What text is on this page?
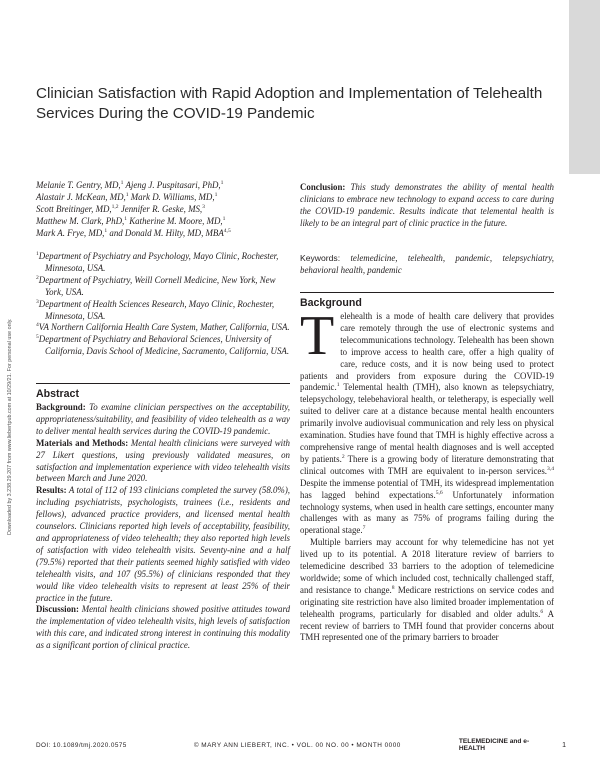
Downloaded by 3.238.29.207 from www.liebertpub.com at 10/29/21. For personal use only.
Clinician Satisfaction with Rapid Adoption and Implementation of Telehealth Services During the COVID-19 Pandemic
Melanie T. Gentry, MD,$^1$ Ajeng J. Puspitasari, PhD,$^1$
Alastair J. McKean, MD,$^1$ Mark D. Williams, MD,$^1$
Scott Breitinger, MD,$^{1,2}$ Jennifer R. Geske, MS,$^3$
Matthew M. Clark, PhD,$^1$ Katherine M. Moore, MD,$^1$
Mark A. Frye, MD,$^1$ and Donald M. Hilty, MD, MBA$^{4,5}$
$^1$Department of Psychiatry and Psychology, Mayo Clinic, Rochester, Minnesota, USA.
$^2$Department of Psychiatry, Weill Cornell Medicine, New York, New York, USA.
$^3$Department of Health Sciences Research, Mayo Clinic, Rochester, Minnesota, USA.
$^4$VA Northern California Health Care System, Mather, California, USA.
$^5$Department of Psychiatry and Behavioral Sciences, University of California, Davis School of Medicine, Sacramento, California, USA.
Abstract

Background: To examine clinician perspectives on the acceptability, appropriateness/suitability, and feasibility of video telehealth as a way to deliver mental health services during the COVID-19 pandemic.

Materials and Methods: Mental health clinicians were surveyed with 27 Likert questions, using previously validated measures, on satisfaction and implementation experience with video telehealth visits between March and June 2020.

Results: A total of 112 of 193 clinicians completed the survey (58.0%), including psychiatrists, psychologists, trainees (i.e., residents and fellows), advanced practice providers, and licensed mental health counselors. Clinicians reported high levels of acceptability, feasibility, and appropriateness of video telehealth; they also reported high levels of satisfaction with video telehealth visits. Seventy-nine and a half (79.5%) reported that their patients seemed highly satisfied with video telehealth visits, and 107 (95.5%) of clinicians responded that they would like video telehealth visits to represent at least 25% of their practice in the future.

Discussion: Mental health clinicians showed positive attitudes toward the implementation of video telehealth visits, high levels of satisfaction with this care, and indicated strong interest in continuing this modality as a significant portion of clinical practice.

Conclusion: This study demonstrates the ability of mental health clinicians to embrace new technology to expand access to care during the COVID-19 pandemic. Results indicate that telemental health is likely to be an integral part of clinic practice in the future.

Keywords: telemedicine, telehealth, pandemic, telepsychiatry, behavioral health, pandemic

Background

Telehealth is a mode of health care delivery that provides care remotely through the use of electronic systems and telecommunications technology. Telehealth has been shown to improve access to health care, offer a high quality of care, reduce costs, and it is now being used to protect patients and providers from exposure during the COVID-19 pandemic.$^1$ Telemental health (TMH), also known as telepsychiatry, telepsychology, telebehavioral health, or teletherapy, is especially well suited to deliver care at a distance because mental health encounters primarily involve audiovisual communication and rely less on physical examination. Studies have found that TMH is highly effective across a comprehensive range of mental health diagnoses and is well accepted by patients.$^2$ There is a growing body of literature demonstrating that clinical outcomes with TMH are equivalent to in-person services.$^{3,4}$ Despite the immense potential of TMH, its widespread implementation has lagged behind expectations.$^{5,6}$ Unfortunately information technology systems, when used in health care settings, encounter many challenges with as many as 75% of programs failing during the operational stage.$^7$

Multiple barriers may account for why telemedicine has not yet lived up to its potential. A 2018 literature review of barriers to telemedicine described 33 barriers to the adoption of telemedicine worldwide; some of which included cost, technically challenged staff, and resistance to change.$^8$ Medicare restrictions on service codes and originating site restriction have also limited broader implementation of telehealth programs, particularly for disabled and older adults.$^6$ A recent review of barriers to TMH found that provider concerns about TMH represented one of the primary barriers to broader

DOI: 10.1089/tmj.2020.0575	© MARY ANN LIEBERT, INC. • VOL. 00 NO. 00 • MONTH 0000	TELEMEDICINE and e-HEALTH	1
